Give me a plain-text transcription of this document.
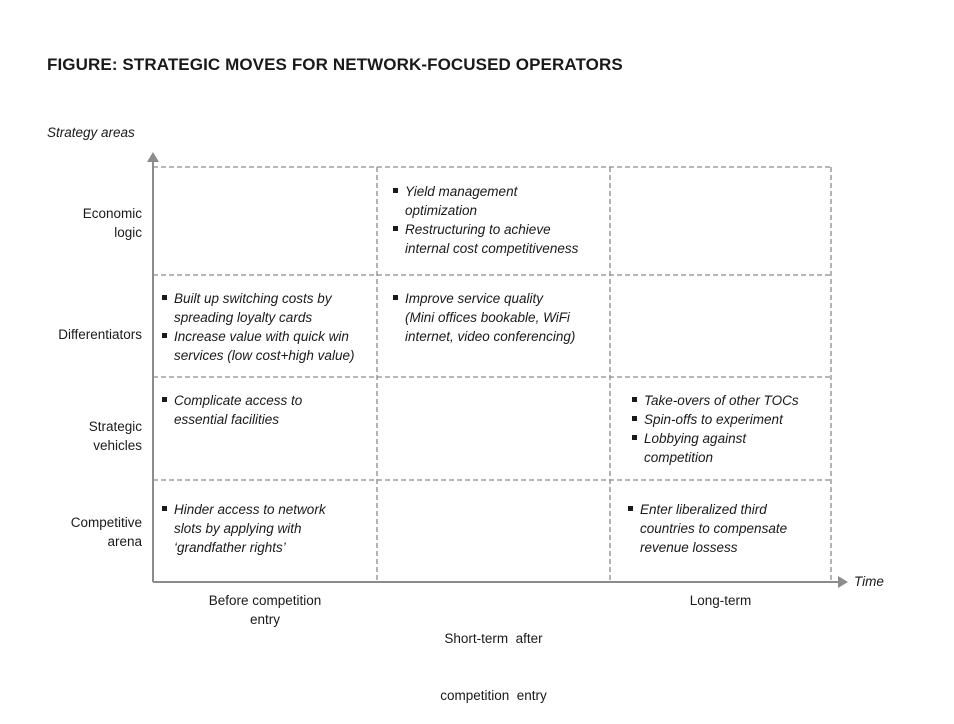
FIGURE: STRATEGIC MOVES FOR NETWORK-FOCUSED OPERATORS
Strategy areas
Time
Economic
logic
Differentiators
Strategic
vehicles
Competitive
arena
Before competition
entry

Short-term  after

competition  entry

Long-term
Yield management
optimization
Restructuring to achieve
internal cost competitiveness
Built up switching costs by
spreading loyalty cards
Increase value with quick win
services (low cost+high value)
Improve service quality
(Mini offices bookable, WiFi
internet, video conferencing)
Complicate access to
essential facilities
Take-overs of other TOCs
Spin-offs to experiment
Lobbying against
competition
Hinder access to network
slots by applying with
‘grandfather rights’
Enter liberalized third
countries to compensate
revenue lossess
